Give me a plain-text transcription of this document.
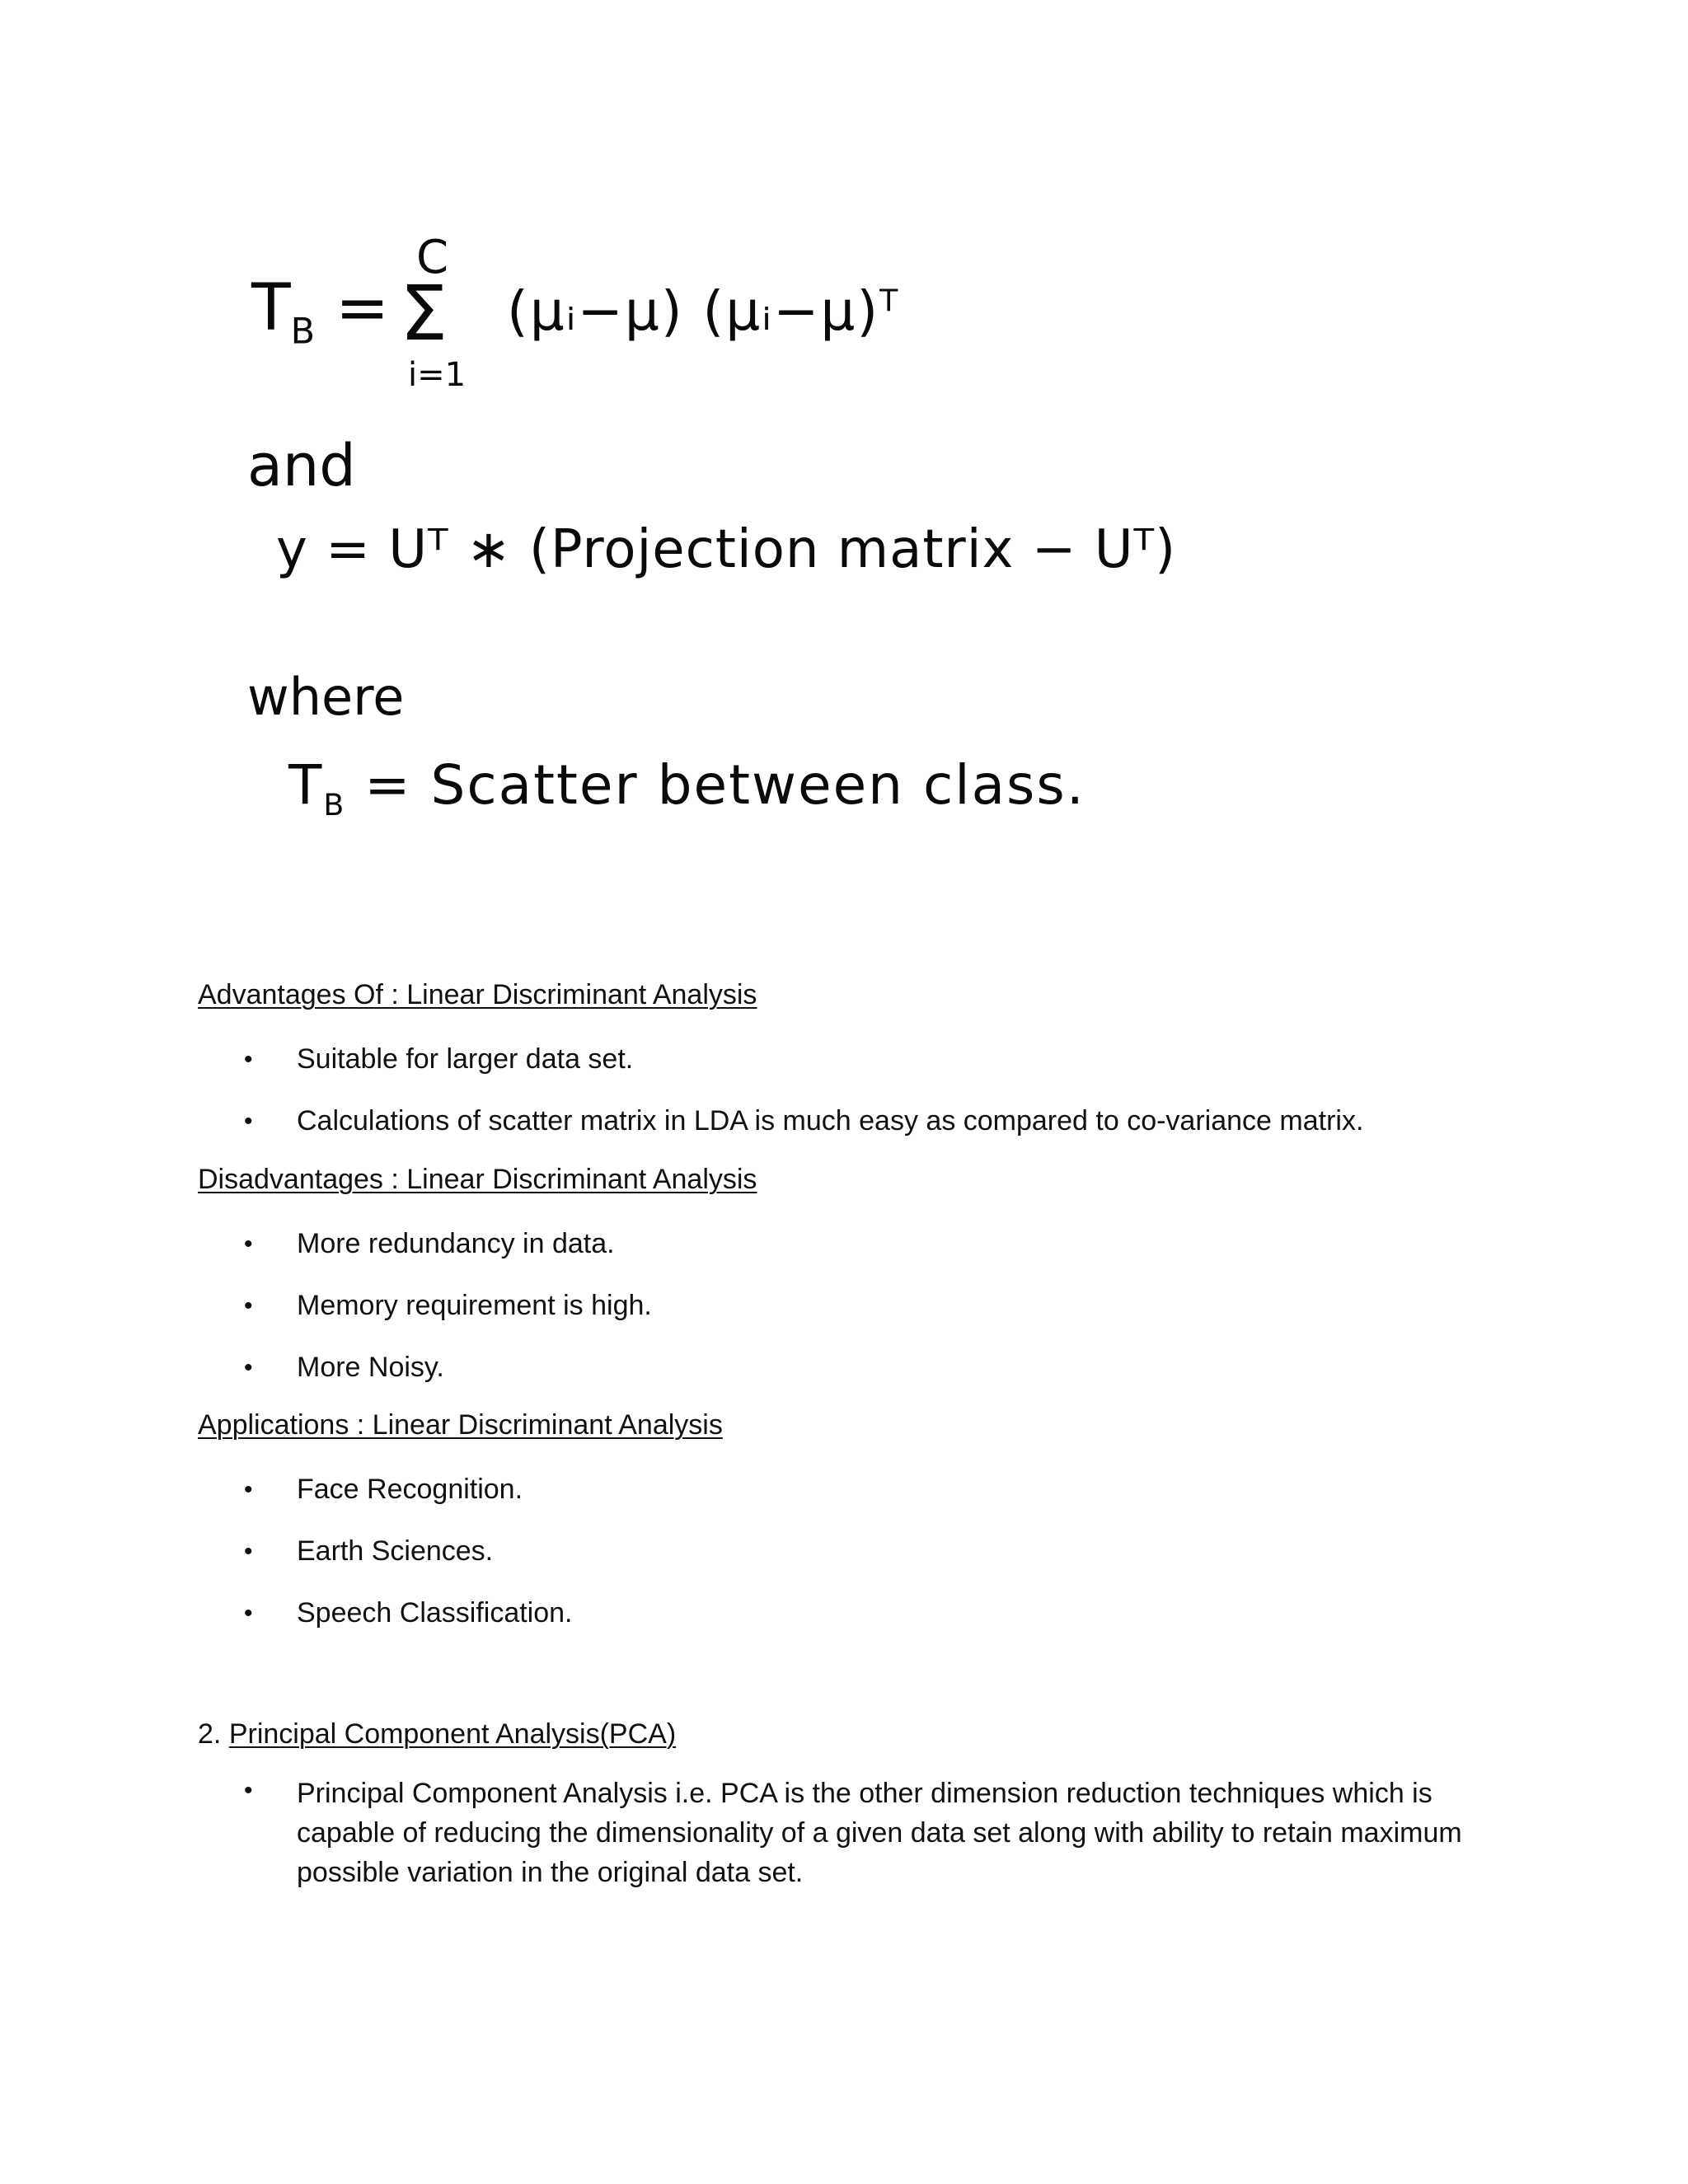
$T_B$ =
C
Σ
i=1
(μᵢ−μ) (μᵢ−μ)$^T$
and
y = Uᵀ ∗ (Projection matrix − Uᵀ)
where
$T_B$ = Scatter between class.
Advantages Of : Linear Discriminant Analysis
• Suitable for larger data set.
• Calculations of scatter matrix in LDA is much easy as compared to co-variance matrix.
Disadvantages : Linear Discriminant Analysis
• More redundancy in data.
• Memory requirement is high.
• More Noisy.
Applications : Linear Discriminant Analysis
• Face Recognition.
• Earth Sciences.
• Speech Classification.
2. Principal Component Analysis(PCA)
• Principal Component Analysis i.e. PCA is the other dimension reduction techniques which is capable of reducing the dimensionality of a given data set along with ability to retain maximum possible variation in the original data set.
